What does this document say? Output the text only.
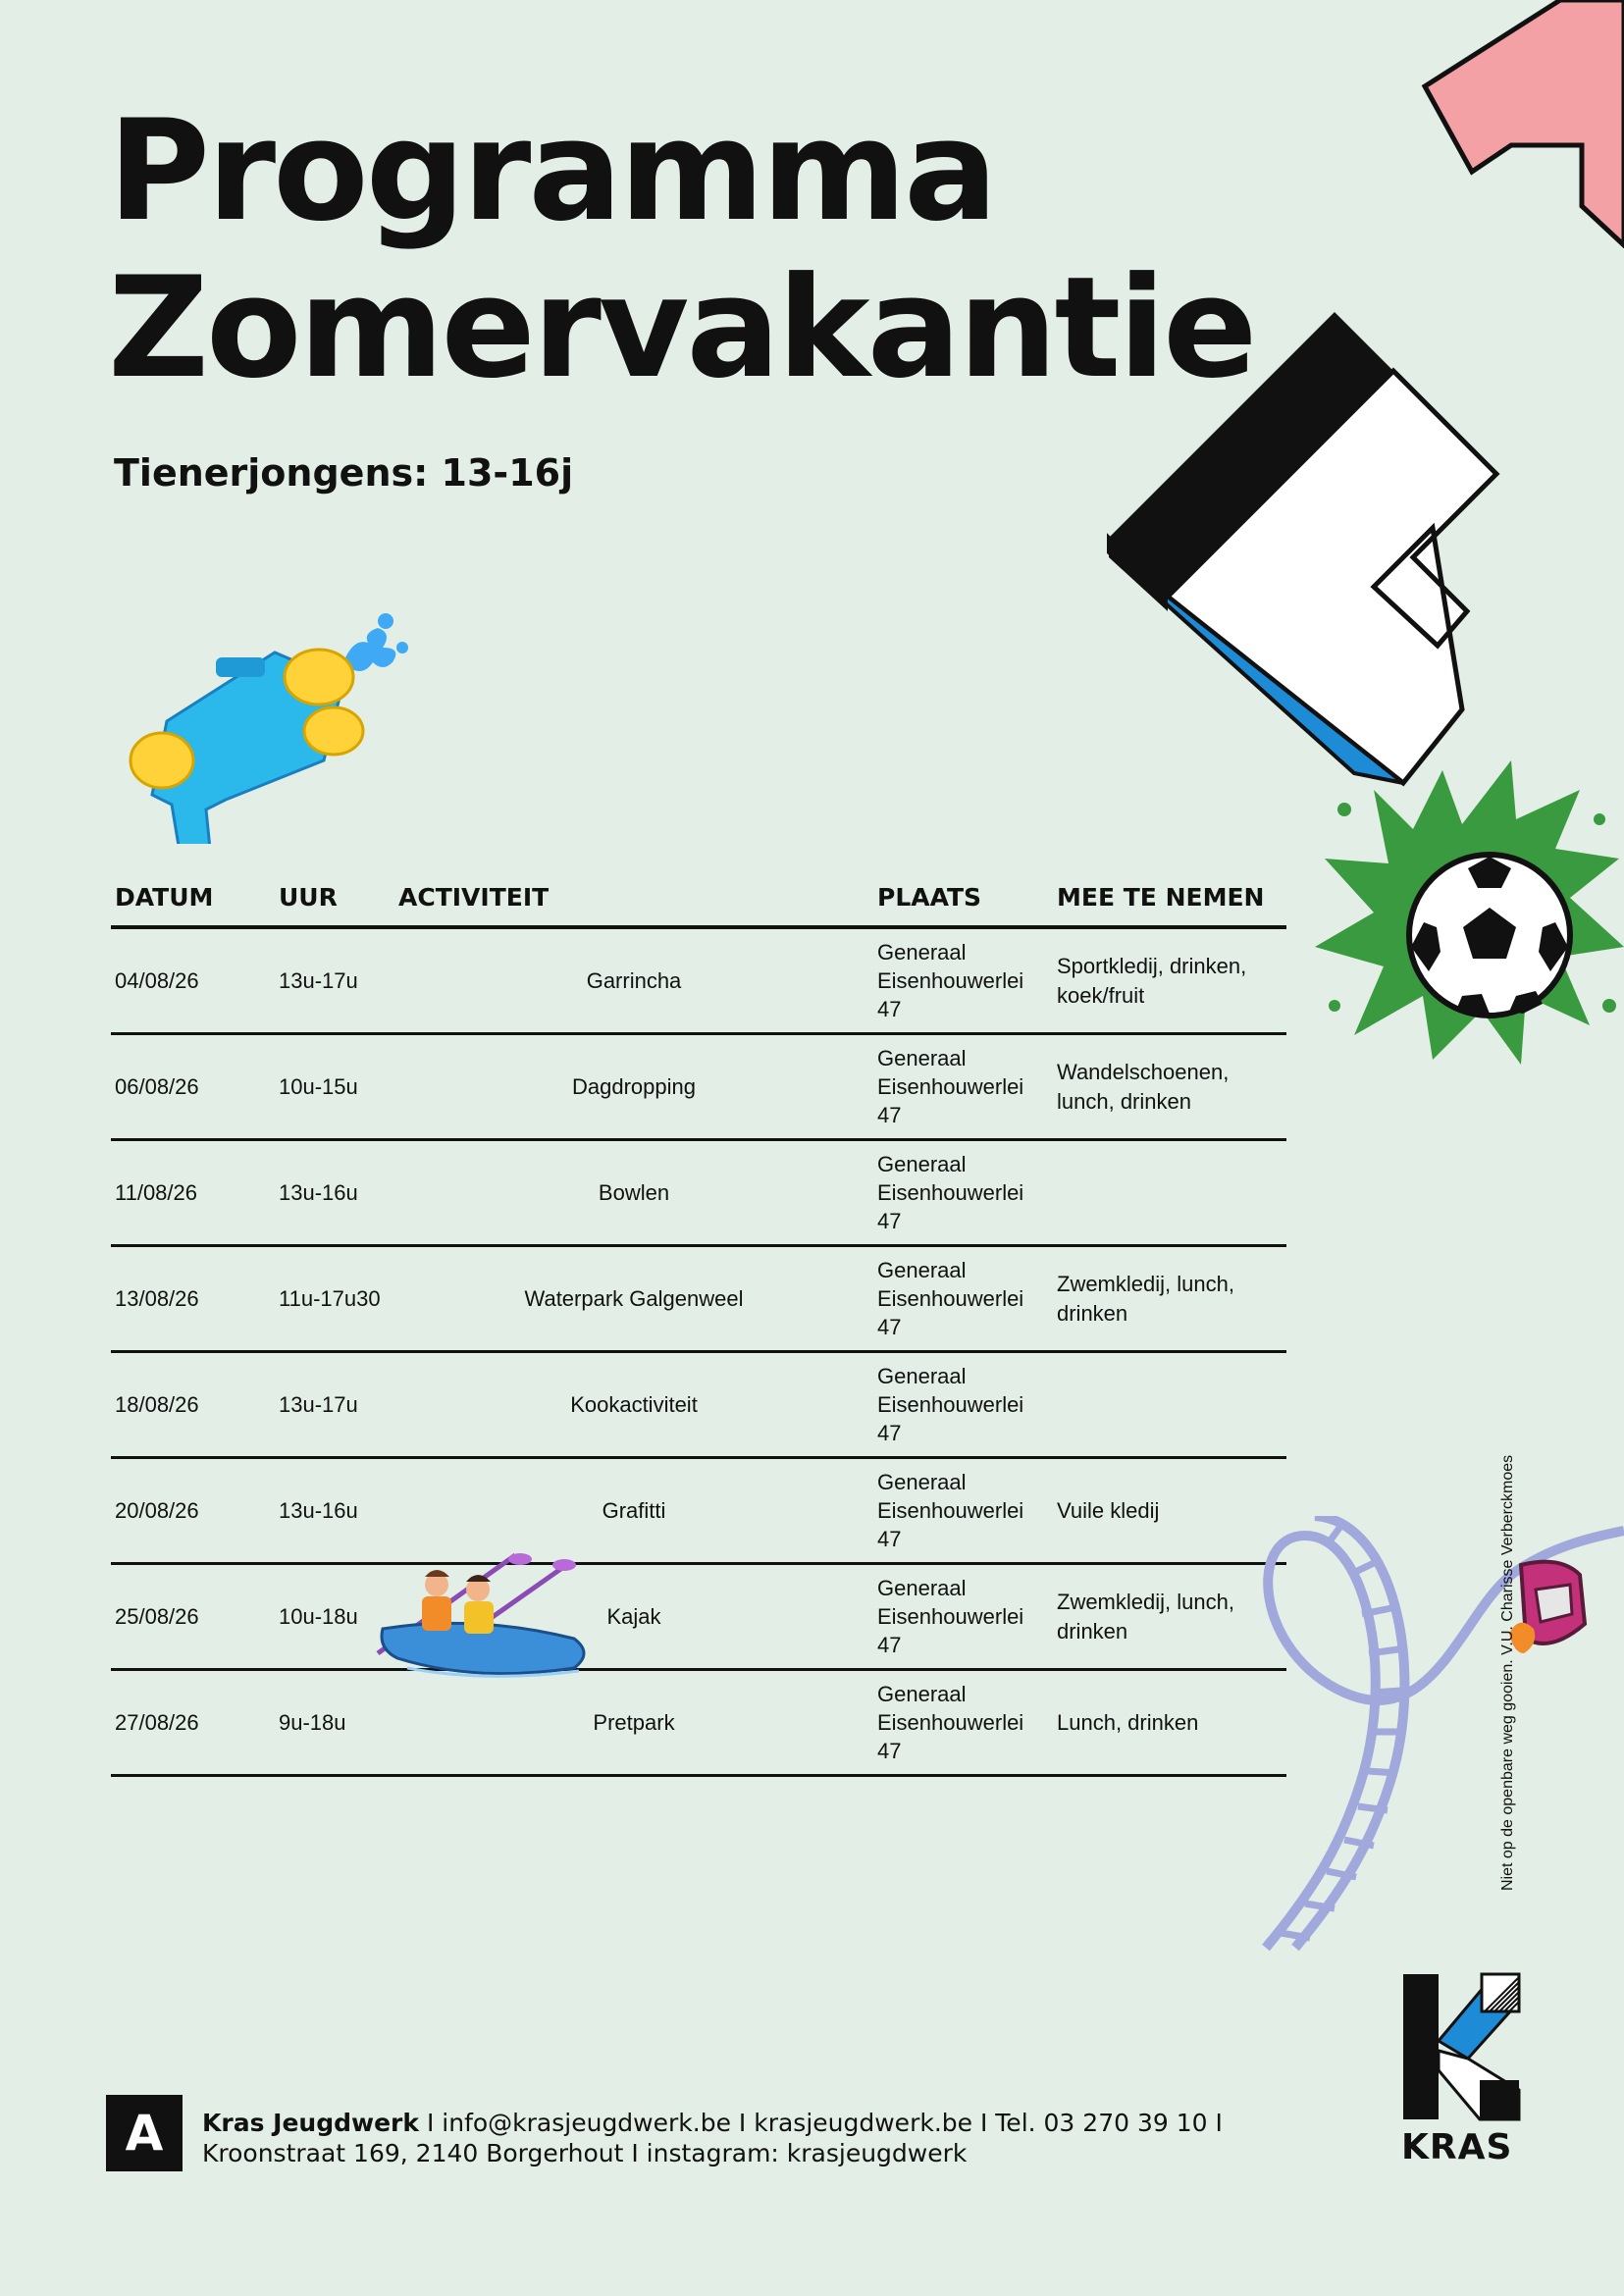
Programma
Zomervakantie
Tienerjongens: 13-16j
DATUM	UUR	ACTIVITEIT	PLAATS	MEE TE NEMEN
04/08/26	13u-17u	Garrincha	Generaal
Eisenhouwerlei
47	Sportkledij, drinken,
koek/fruit
06/08/26	10u-15u	Dagdropping	Generaal
Eisenhouwerlei
47	Wandelschoenen,
lunch, drinken
11/08/26	13u-16u	Bowlen	Generaal
Eisenhouwerlei
47	

13/08/26	11u-17u30	Waterpark Galgenweel	Generaal
Eisenhouwerlei
47	Zwemkledij, lunch,
drinken
18/08/26	13u-17u	Kookactiviteit	Generaal
Eisenhouwerlei
47	

20/08/26	13u-16u	Grafitti	Generaal
Eisenhouwerlei
47	Vuile kledij

25/08/26	10u-18u	Kajak	Generaal
Eisenhouwerlei
47	Zwemkledij, lunch,
drinken
27/08/26	9u-18u	Pretpark	Generaal
Eisenhouwerlei
47	Lunch, drinken	Niet op de openbare weg gooien. V.U. Charisse Verberckmoes
KRAS
A	Kras Jeugdwerk I info@krasjeugdwerk.be I krasjeugdwerk.be I Tel. 03 270 39 10 I
Kroonstraat 169, 2140 Borgerhout I instagram: krasjeugdwerk
